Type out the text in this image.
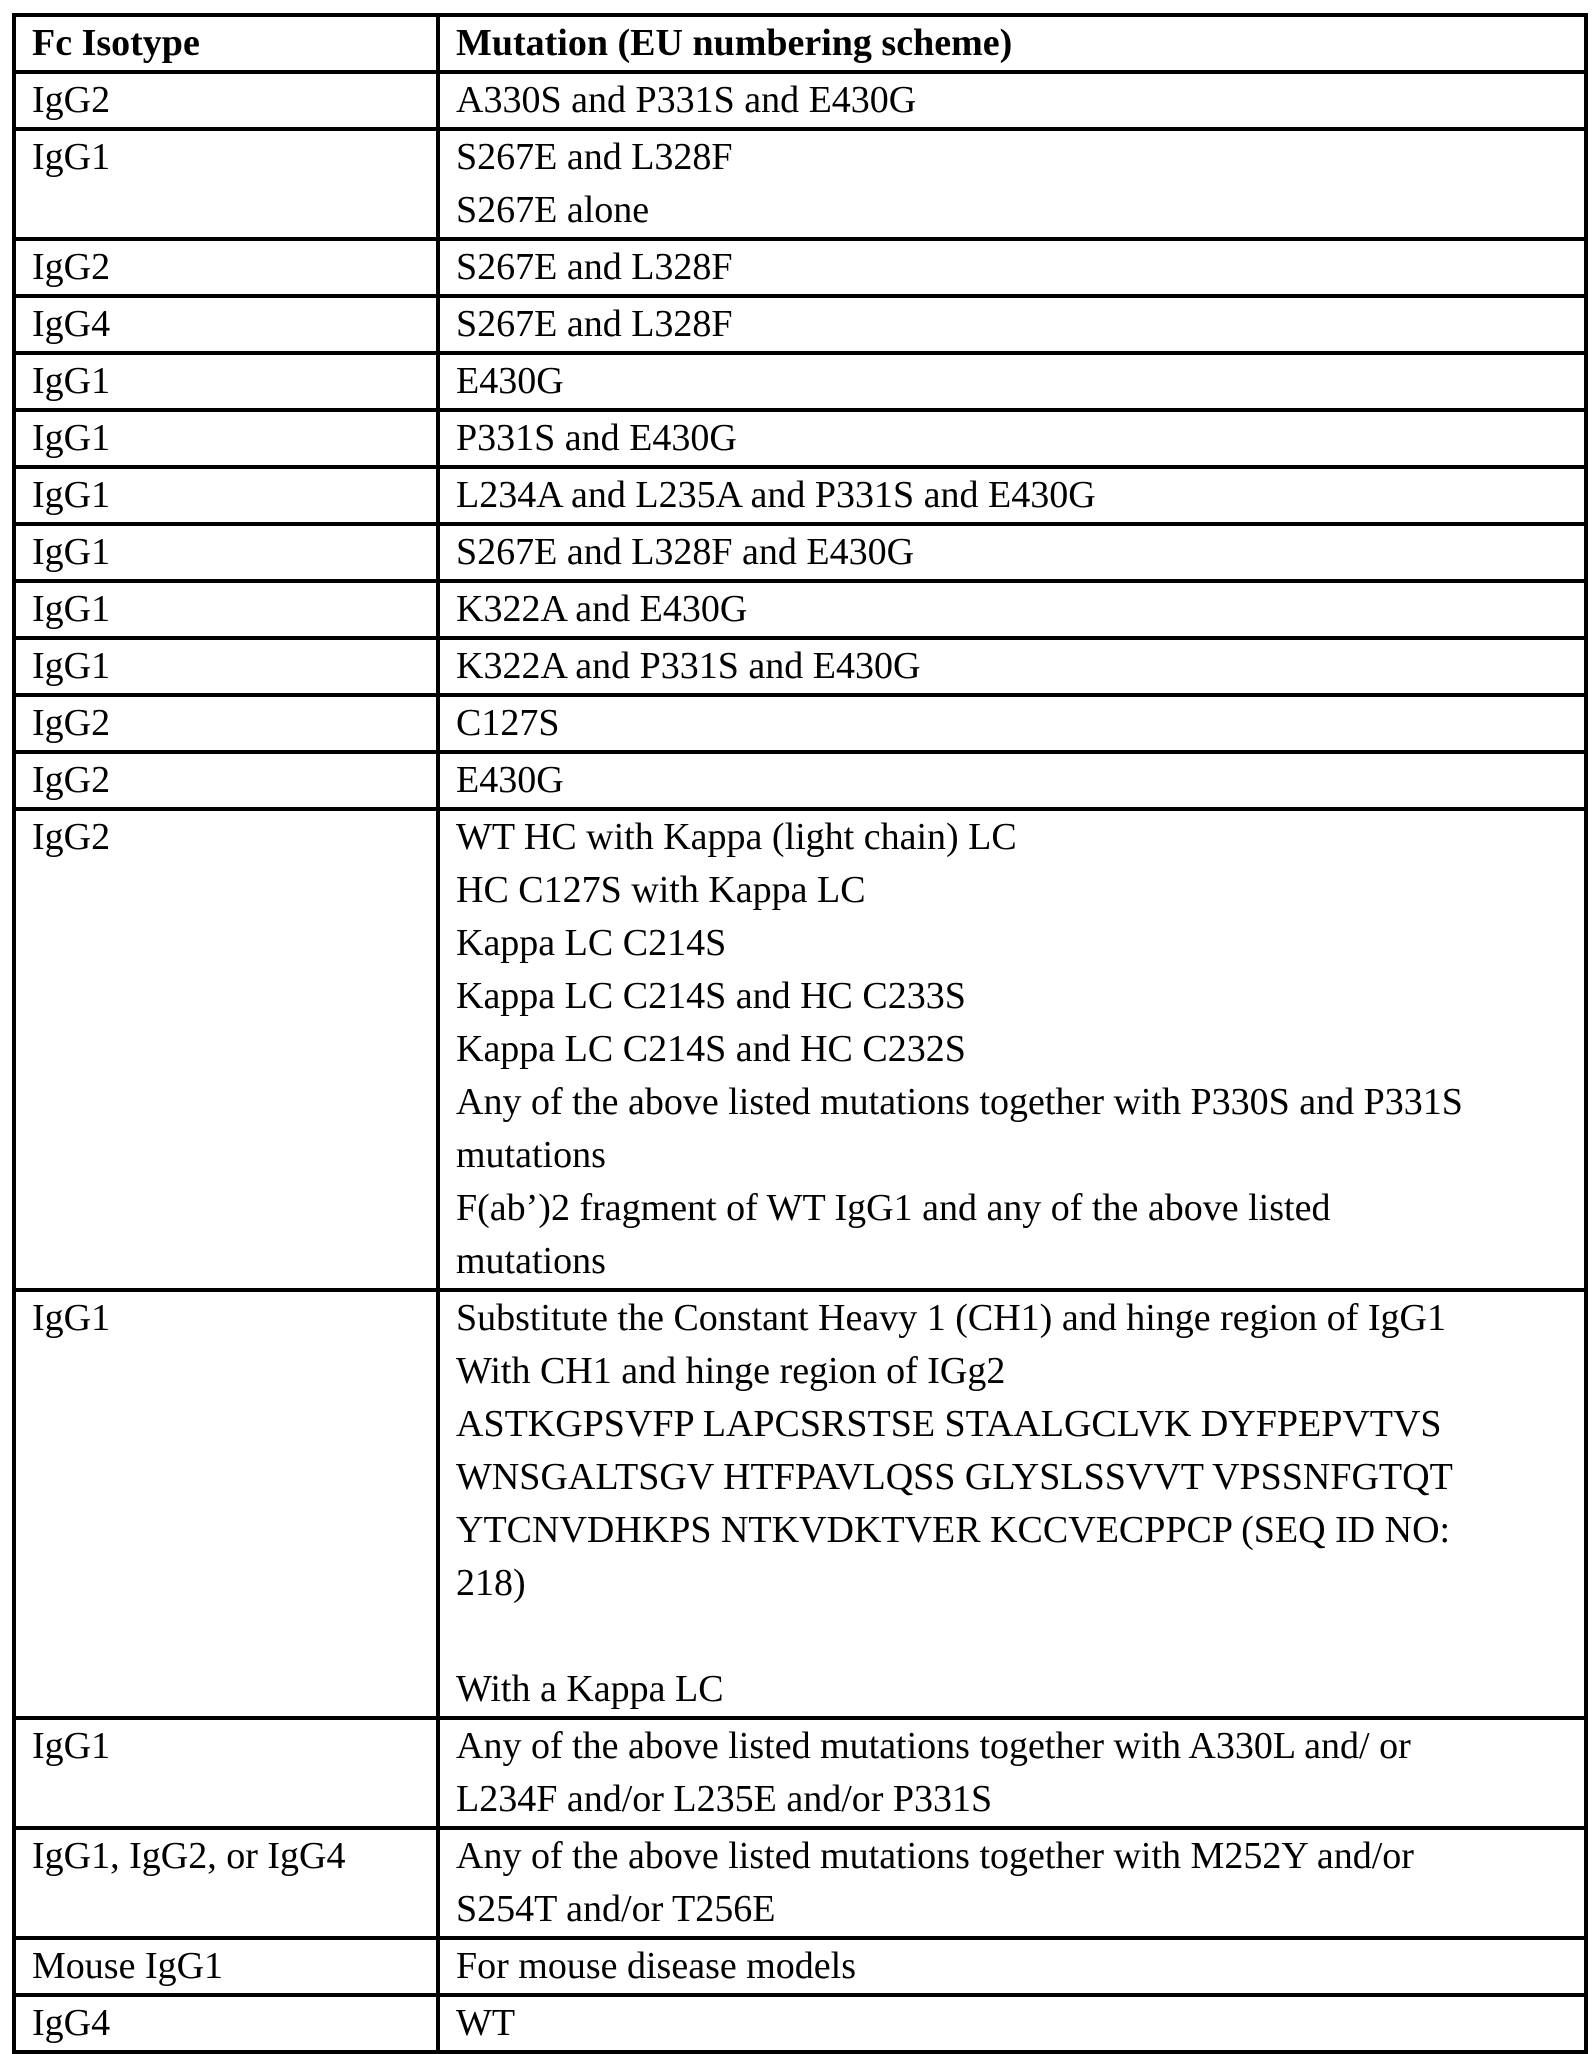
Fc Isotype	Mutation (EU numbering scheme)
IgG2	A330S and P331S and E430G

IgG1	S267E and L328F
S267E alone

IgG2	S267E and L328F

IgG4	S267E and L328F

IgG1	E430G

IgG1	P331S and E430G

IgG1	L234A and L235A and P331S and E430G

IgG1	S267E and L328F and E430G

IgG1	K322A and E430G

IgG1	K322A and P331S and E430G

IgG2	C127S

IgG2	E430G

IgG2	WT HC with Kappa (light chain) LC
HC C127S with Kappa LC
Kappa LC C214S
Kappa LC C214S and HC C233S
Kappa LC C214S and HC C232S
Any of the above listed mutations together with P330S and P331S
mutations
F(ab’)2 fragment of WT IgG1 and any of the above listed
mutations

IgG1	Substitute the Constant Heavy 1 (CH1) and hinge region of IgG1
With CH1 and hinge region of IGg2
ASTKGPSVFP LAPCSRSTSE STAALGCLVK DYFPEPVTVS
WNSGALTSGV HTFPAVLQSS GLYSLSSVVT VPSSNFGTQT
YTCNVDHKPS NTKVDKTVER KCCVECPPCP (SEQ ID NO:
218)
With a Kappa LC

IgG1	Any of the above listed mutations together with A330L and/ or
L234F and/or L235E and/or P331S

IgG1, IgG2, or IgG4	Any of the above listed mutations together with M252Y and/or
S254T and/or T256E

Mouse IgG1	For mouse disease models

IgG4	WT
